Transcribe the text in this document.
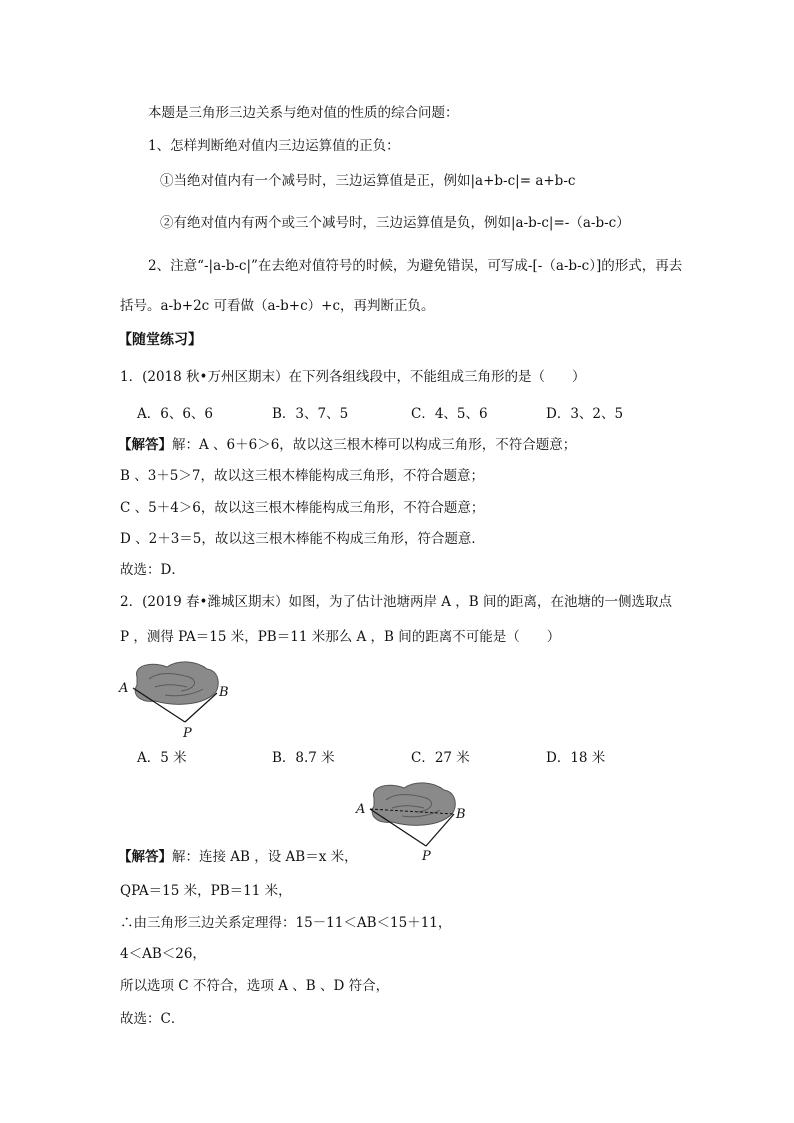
本题是三角形三边关系与绝对值的性质的综合问题：
1、怎样判断绝对值内三边运算值的正负：
①当绝对值内有一个减号时，三边运算值是正，例如|a+b-c|= a+b-c
②有绝对值内有两个或三个减号时，三边运算值是负，例如|a-b-c|=-（a-b-c）
2、注意“-|a-b-c|”在去绝对值符号的时候，为避免错误，可写成-[-（a-b-c）]的形式，再去
括号。a-b+2c 可看做（a-b+c）+c，再判断正负。
【随堂练习】
1．(2018 秋•万州区期末）在下列各组线段中，不能组成三角形的是（　　）
A．6、6、6	B．3、7、5	C．4、5、6	D．3、2、5
【解答】解：A 、6＋6＞6，故以这三根木棒可以构成三角形，不符合题意；
B 、3＋5＞7，故以这三根木棒能构成三角形，不符合题意；
C 、5＋4＞6，故以这三根木棒能构成三角形，不符合题意；
D 、2＋3＝5，故以这三根木棒能不构成三角形，符合题意．
故选：D．
2．(2019 春•潍城区期末）如图，为了估计池塘两岸 A ，B 间的距离，在池塘的一侧选取点
P ，测得 PA＝15 米，PB＝11 米那么 A ，B 间的距离不可能是（　　）
A	B
P
A．5 米	B．8.7 米	C．27 米	D．18 米
A	B
P
【解答】解：连接 AB ，设 AB＝x 米，
QPA＝15 米，PB＝11 米，
∴由三角形三边关系定理得：15－11＜AB＜15＋11，
4＜AB＜26，
所以选项 C 不符合，选项 A 、B 、D 符合，
故选：C．
